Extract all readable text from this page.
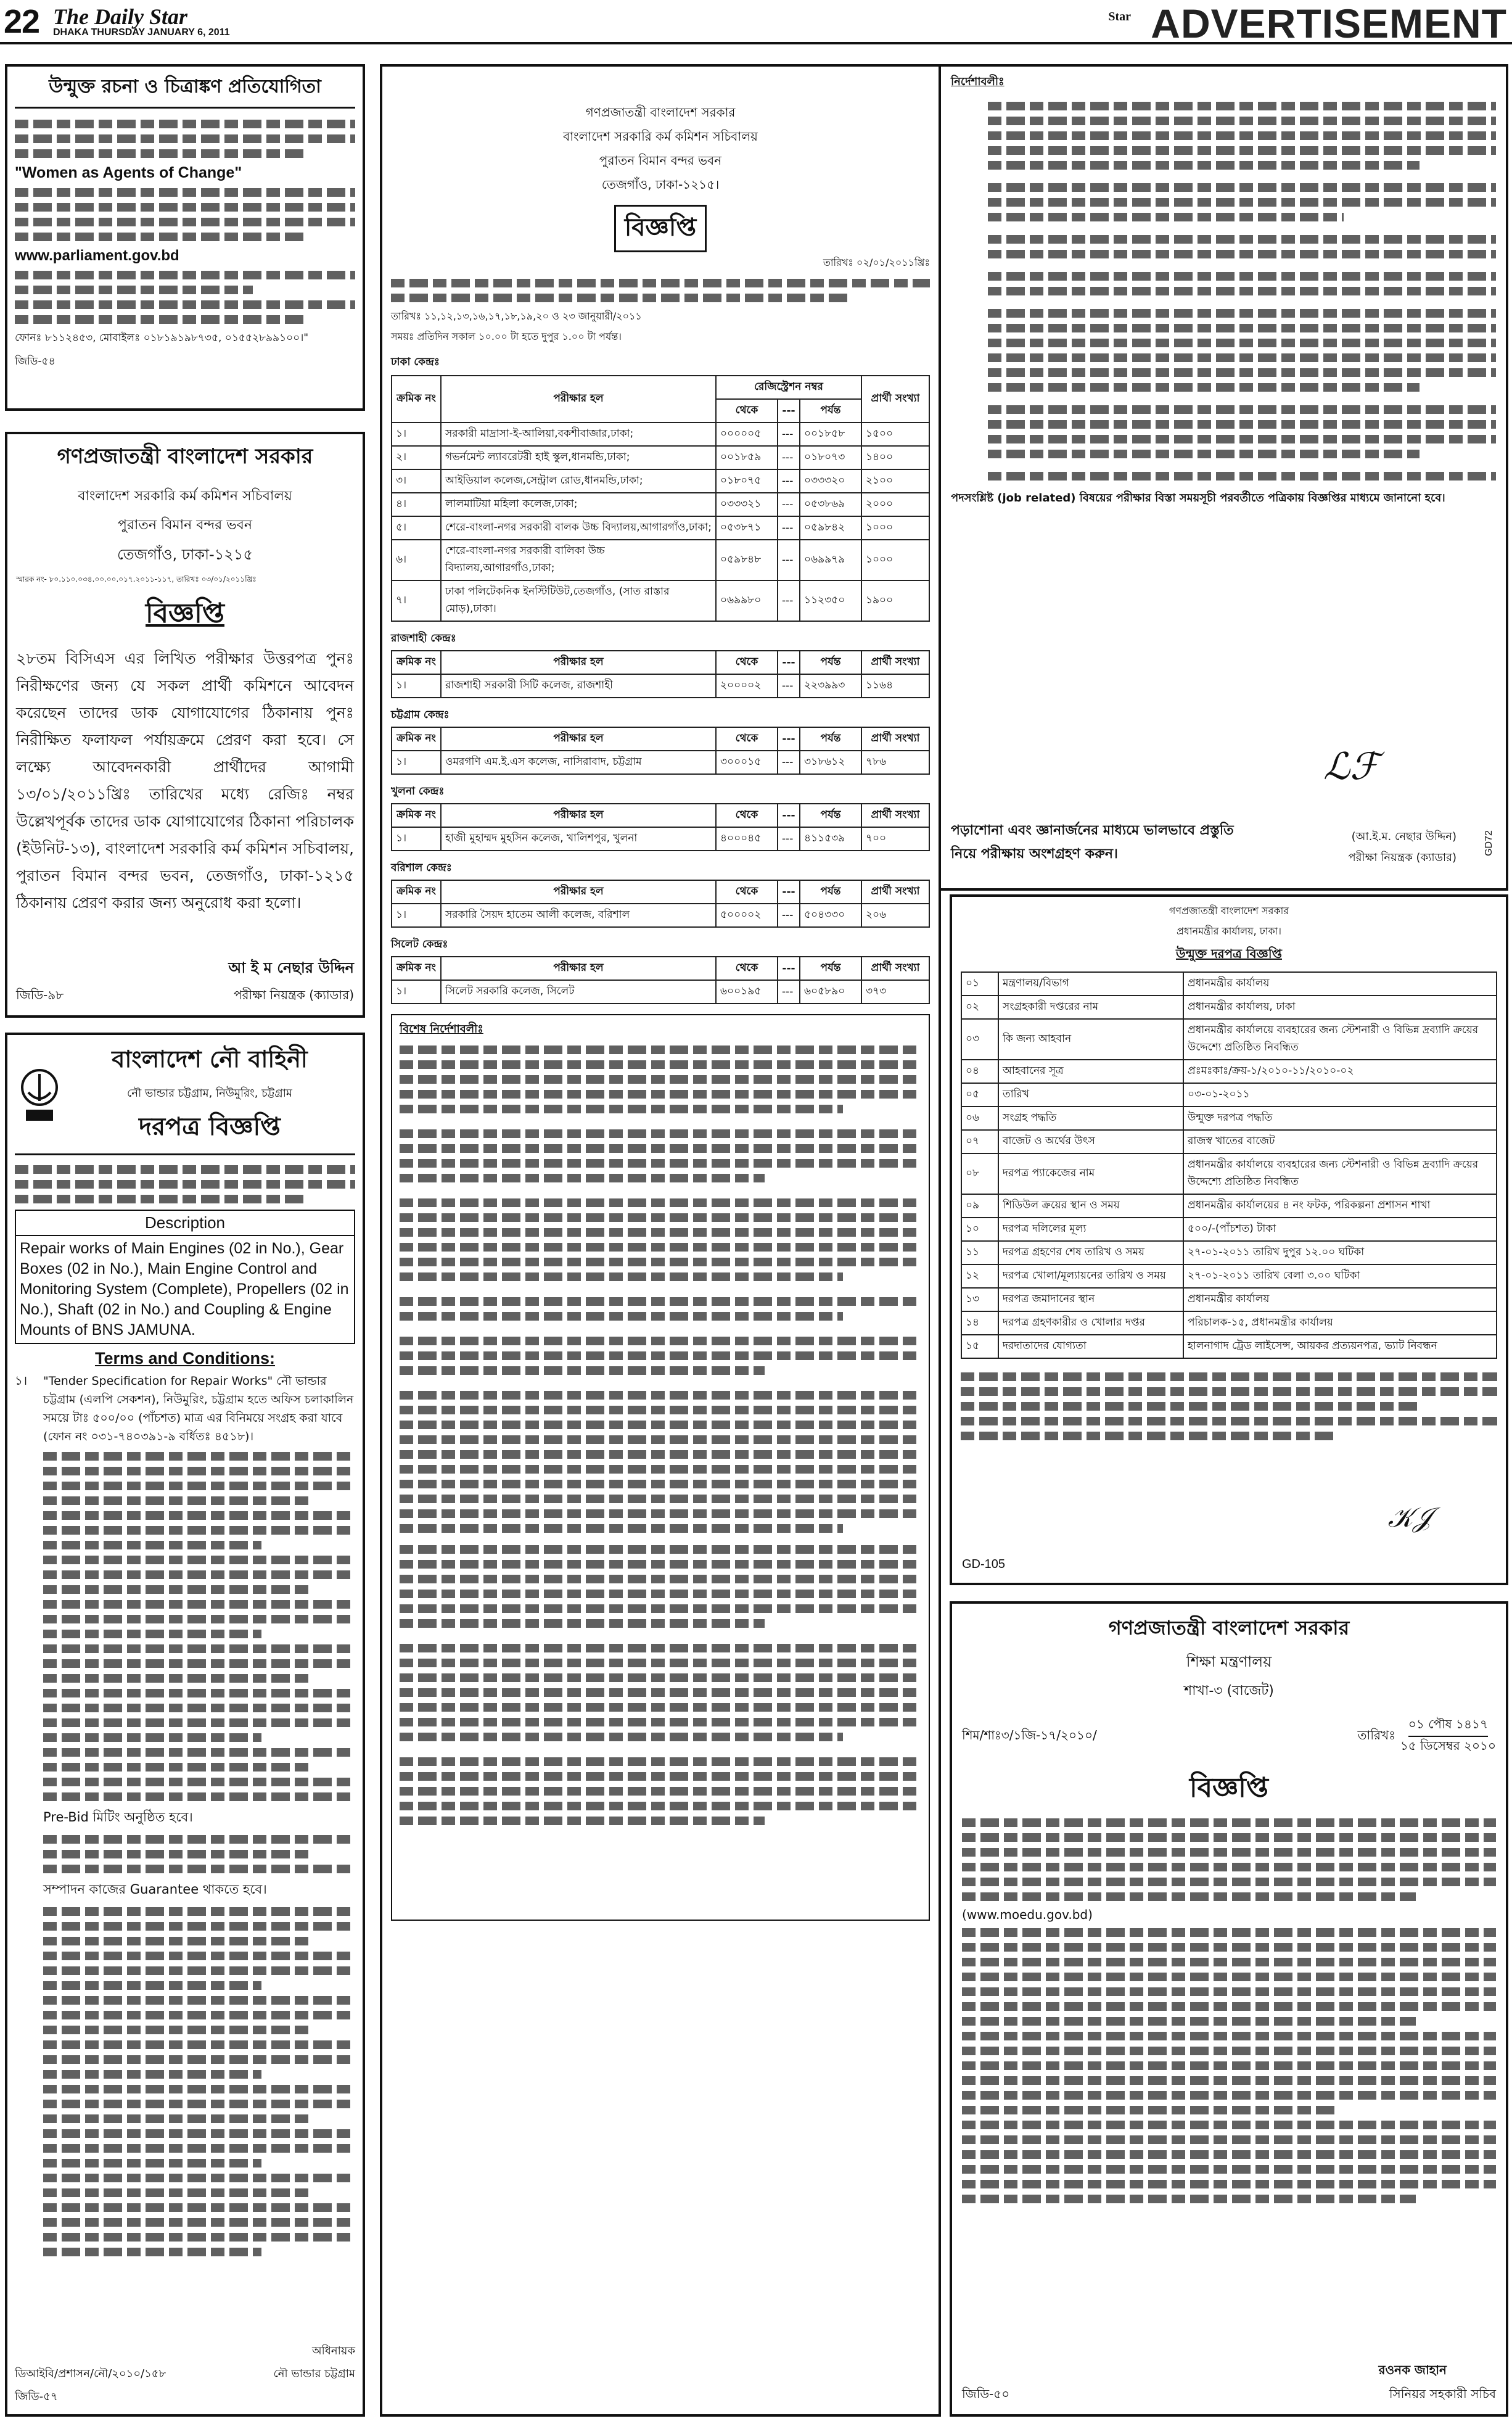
22 The Daily Star
DHAKA THURSDAY JANUARY 6, 2011
Star ADVERTISEMENT
উন্মুক্ত রচনা ও চিত্রাঙ্কণ প্রতিযোগিতা
"Women as Agents of Change"
www.parliament.gov.bd
ফোনঃ ৮১১২৪৫৩, মোবাইলঃ ০১৮১৯১৯৮৭৩৫, ০১৫৫২৮৯৯১০০।"
জিডি-৫৪
গণপ্রজাতন্ত্রী বাংলাদেশ সরকার
বাংলাদেশ সরকারি কর্ম কমিশন সচিবালয়
পুরাতন বিমান বন্দর ভবন
তেজগাঁও, ঢাকা-১২১৫
স্মারক নং- ৮০.১১০.০৩৪.০০.০০.০১৭.২০১১-১১৭, তারিখঃ ০৩/০১/২০১১খ্রিঃ
বিজ্ঞপ্তি
২৮তম বিসিএস এর লিখিত পরীক্ষার উত্তরপত্র পুনঃ নিরীক্ষণের জন্য যে সকল প্রার্থী কমিশনে আবেদন করেছেন তাদের ডাক যোগাযোগের ঠিকানায় পুনঃ নিরীক্ষিত ফলাফল পর্যায়ক্রমে প্রেরণ করা হবে। সে লক্ষ্যে আবেদনকারী প্রার্থীদের আগামী ১৩/০১/২০১১খ্রিঃ তারিখের মধ্যে রেজিঃ নম্বর উল্লেখপূর্বক তাদের ডাক যোগাযোগের ঠিকানা পরিচালক (ইউনিট-১৩), বাংলাদেশ সরকারি কর্ম কমিশন সচিবালয়, পুরাতন বিমান বন্দর ভবন, তেজগাঁও, ঢাকা-১২১৫ ঠিকানায় প্রেরণ করার জন্য অনুরোধ করা হলো।
আ ই ম নেছার উদ্দিন
জিডি-৯৮	পরীক্ষা নিয়ন্ত্রক (ক্যাডার)
বাংলাদেশ নৌ বাহিনী
নৌ ভান্ডার চট্টগ্রাম, নিউমুরিং, চট্টগ্রাম
দরপত্র বিজ্ঞপ্তি
Description
Repair works of Main Engines (02 in No.), Gear Boxes (02 in No.), Main Engine Control and Monitoring System (Complete), Propellers (02 in No.), Shaft (02 in No.) and Coupling & Engine Mounts of BNS JAMUNA.
Terms and Conditions:
১।	"Tender Specification for Repair Works" নৌ ভান্ডার চট্টগ্রাম (এলপি সেকশন), নিউমুরিং, চট্টগ্রাম হতে অফিস চলাকালিন সময়ে টাঃ ৫০০/০০ (পাঁচশত) মাত্র এর বিনিময়ে সংগ্রহ করা যাবে (ফোন নং ০৩১-৭৪০৩৯১-৯ বর্ধিতঃ ৪৫১৮)।
Pre-Bid মিটিং অনুষ্ঠিত হবে।
সম্পাদন কাজের Guarantee থাকতে হবে।
অধিনায়ক
ডিআইবি/প্রশাসন/নৌ/২০১০/১৫৮	নৌ ভান্ডার চট্টগ্রাম
জিডি-৫৭
গণপ্রজাতন্ত্রী বাংলাদেশ সরকার
বাংলাদেশ সরকারি কর্ম কমিশন সচিবালয়
পুরাতন বিমান বন্দর ভবন
তেজগাঁও, ঢাকা-১২১৫।
বিজ্ঞপ্তি
তারিখঃ ০২/০১/২০১১খ্রিঃ
তারিখঃ ১১,১২,১৩,১৬,১৭,১৮,১৯,২০ ও ২৩ জানুয়ারী/২০১১
সময়ঃ প্রতিদিন সকাল ১০.০০ টা হতে দুপুর ১.০০ টা পর্যন্ত।
ঢাকা কেন্দ্রঃ
ক্রমিক নং	পরীক্ষার হল	রেজিস্ট্রেশন নম্বর			প্রার্থী সংখ্যা
		থেকে	---	পর্যন্ত	
১।	সরকারী মাদ্রাসা-ই-আলিয়া,বকশীবাজার,ঢাকা;	০০০০০৫	---	০০১৮৫৮	১৫০০
২।	গভর্নমেন্ট ল্যাবরেটরী হাই স্কুল,ধানমন্ডি,ঢাকা;	০০১৮৫৯	---	০১৮০৭৩	১৪০০
৩।	আইডিয়াল কলেজ,সেন্ট্রাল রোড,ধানমন্ডি,ঢাকা;	০১৮০৭৫	---	০৩৩৩২০	২১০০
৪।	লালমাটিয়া মহিলা কলেজ,ঢাকা;	০৩৩৩২১	---	০৫৩৮৬৯	২০০০
৫।	শেরে-বাংলা-নগর সরকারী বালক উচ্চ বিদ্যালয়,আগারগাঁও,ঢাকা;	০৫৩৮৭১	---	০৫৯৮৪২	১০০০
৬।	শেরে-বাংলা-নগর সরকারী বালিকা উচ্চ বিদ্যালয়,আগারগাঁও,ঢাকা;	০৫৯৮৪৮	---	০৬৯৯৭৯	১০০০
৭।	ঢাকা পলিটেকনিক ইনস্টিটিউট,তেজগাঁও, (সাত রাস্তার মোড়),ঢাকা।	০৬৯৯৮০	---	১১২৩৫০	১৯০০
রাজশাহী কেন্দ্রঃ
ক্রমিক নং	পরীক্ষার হল	থেকে	---	পর্যন্ত	প্রার্থী সংখ্যা
১।	রাজশাহী সরকারী সিটি কলেজ, রাজশাহী	২০০০০২	---	২২৩৯৯৩	১১৬৪
চট্টগ্রাম কেন্দ্রঃ
ক্রমিক নং	পরীক্ষার হল	থেকে	---	পর্যন্ত	প্রার্থী সংখ্যা
১।	ওমরগণি এম.ই.এস কলেজ, নাসিরাবাদ, চট্টগ্রাম	৩০০০১৫	---	৩১৮৬১২	৭৮৬
খুলনা কেন্দ্রঃ
ক্রমিক নং	পরীক্ষার হল	থেকে	---	পর্যন্ত	প্রার্থী সংখ্যা
১।	হাজী মুহাম্মদ মুহসিন কলেজ, খালিশপুর, খুলনা	৪০০০৪৫	---	৪১১৫৩৯	৭০০
বরিশাল কেন্দ্রঃ
ক্রমিক নং	পরীক্ষার হল	থেকে	---	পর্যন্ত	প্রার্থী সংখ্যা
১।	সরকারি সৈয়দ হাতেম আলী কলেজ, বরিশাল	৫০০০০২	---	৫০৪৩৩০	২০৬
সিলেট কেন্দ্রঃ
ক্রমিক নং	পরীক্ষার হল	থেকে	---	পর্যন্ত	প্রার্থী সংখ্যা
১।	সিলেট সরকারি কলেজ, সিলেট	৬০০১৯৫	---	৬০৫৮৯০	৩৭৩
বিশেষ নির্দেশাবলীঃ
নির্দেশাবলীঃ
পদসংশ্লিষ্ট (job related) বিষয়ের পরীক্ষার বিস্তা সময়সূচী পরবর্তীতে পত্রিকায় বিজ্ঞপ্তির মাধ্যমে জানানো হবে।
পড়াশোনা এবং জ্ঞানার্জনের মাধ্যমে ভালভাবে প্রস্তুতি নিয়ে পরীক্ষায় অংশগ্রহণ করুন।
ℒℱ
(আ.ই.ম. নেছার উদ্দিন)
পরীক্ষা নিয়ন্ত্রক (ক্যাডার)
GD72
গণপ্রজাতন্ত্রী বাংলাদেশ সরকার
প্রধানমন্ত্রীর কার্যালয়, ঢাকা।
উন্মুক্ত দরপত্র বিজ্ঞপ্তি
০১	মন্ত্রণালয়/বিভাগ	প্রধানমন্ত্রীর কার্যালয়
০২	সংগ্রহকারী দপ্তরের নাম	প্রধানমন্ত্রীর কার্যালয়, ঢাকা
০৩	কি জন্য আহবান	প্রধানমন্ত্রীর কার্যালয়ে ব্যবহারের জন্য স্টেশনারী ও বিভিন্ন দ্রব্যাদি ক্রয়ের উদ্দেশ্যে প্রতিষ্ঠিত নিবন্ধিত
০৪	আহবানের সূত্র	প্রঃমঃকাঃ/ক্রয়-১/২০১০-১১/২০১০-০২
০৫	তারিখ	০৩-০১-২০১১
০৬	সংগ্রহ পদ্ধতি	উন্মুক্ত দরপত্র পদ্ধতি
০৭	বাজেট ও অর্থের উৎস	রাজস্ব খাতের বাজেট
০৮	দরপত্র প্যাকেজের নাম	প্রধানমন্ত্রীর কার্যালয়ে ব্যবহারের জন্য স্টেশনারী ও বিভিন্ন দ্রব্যাদি ক্রয়ের উদ্দেশ্যে প্রতিষ্ঠিত নিবন্ধিত
০৯	শিডিউল ক্রয়ের স্থান ও সময়	প্রধানমন্ত্রীর কার্যালয়ের ৪ নং ফটক, পরিকল্পনা প্রশাসন শাখা
১০	দরপত্র দলিলের মূল্য	৫০০/-(পাঁচশত) টাকা
১১	দরপত্র গ্রহণের শেষ তারিখ ও সময়	২৭-০১-২০১১ তারিখ দুপুর ১২.০০ ঘটিকা
১২	দরপত্র খোলা/মূল্যায়নের তারিখ ও সময়	২৭-০১-২০১১ তারিখ বেলা ৩.০০ ঘটিকা
১৩	দরপত্র জমাদানের স্থান	প্রধানমন্ত্রীর কার্যালয়
১৪	দরপত্র গ্রহণকারীর ও খোলার দপ্তর	পরিচালক-১৫, প্রধানমন্ত্রীর কার্যালয়
১৫	দরদাতাদের যোগ্যতা	হালনাগাদ ট্রেড লাইসেন্স, আয়কর প্রত্যয়নপত্র, ভ্যাট নিবন্ধন
𝒦𝒥
GD-105
গণপ্রজাতন্ত্রী বাংলাদেশ সরকার
শিক্ষা মন্ত্রণালয়
শাখা-৩ (বাজেট)
শিম/শাঃ৩/১জি-১৭/২০১০/	তারিখঃ
০১ পৌষ ১৪১৭
১৫ ডিসেম্বর ২০১০
বিজ্ঞপ্তি
(www.moedu.gov.bd)
রওনক জাহান
জিডি-৫০	সিনিয়র সহকারী সচিব
